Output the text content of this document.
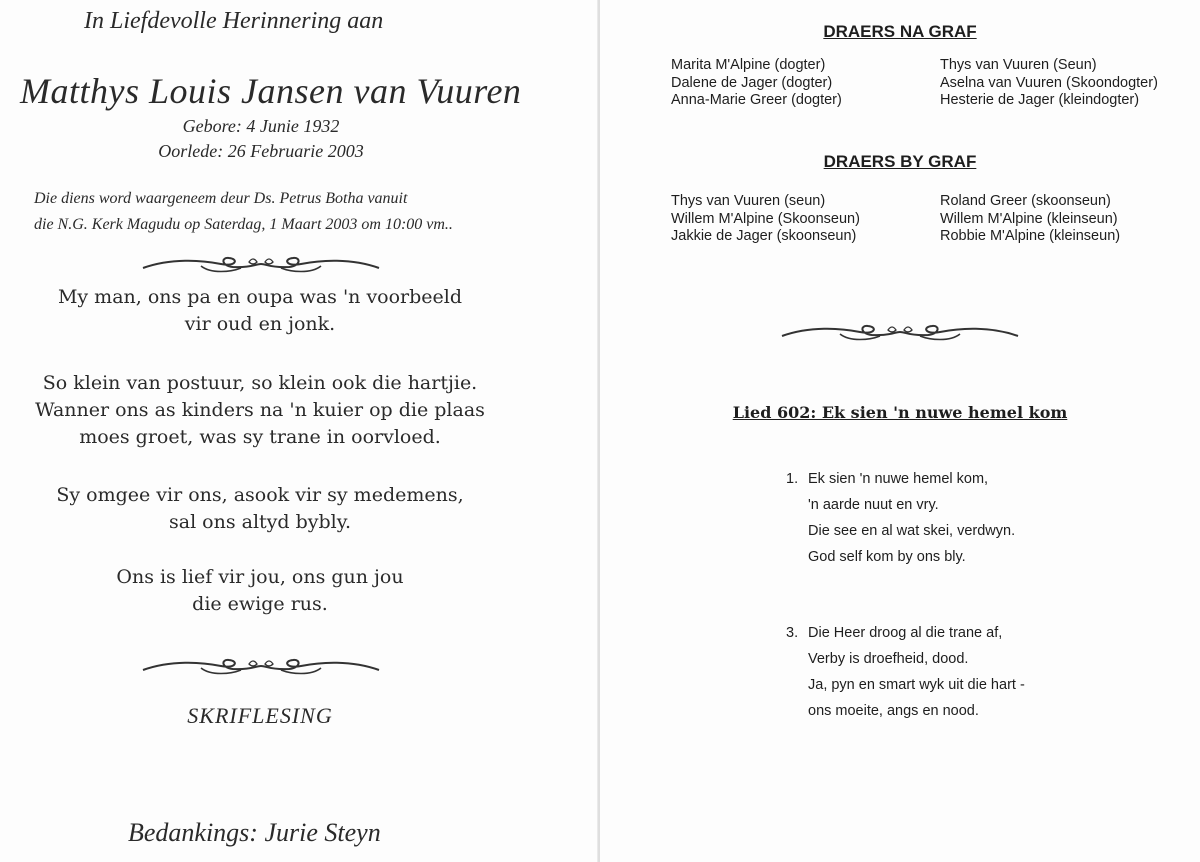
In Liefdevolle Herinnering aan
Matthys Louis Jansen van Vuuren
Gebore: 4 Junie 1932
Oorlede: 26 Februarie 2003
Die diens word waargeneem deur Ds. Petrus Botha vanuit
die N.G. Kerk Magudu op Saterdag, 1 Maart 2003 om 10:00 vm..
My man, ons pa en oupa was 'n voorbeeld
vir oud en jonk.
So klein van postuur, so klein ook die hartjie.
Wanner ons as kinders na 'n kuier op die plaas
moes groet, was sy trane in oorvloed.
Sy omgee vir ons, asook vir sy medemens,
sal ons altyd bybly.
Ons is lief vir jou, ons gun jou
die ewige rus.
SKRIFLESING
Bedankings: Jurie Steyn
DRAERS NA GRAF
Marita M'Alpine (dogter)
Dalene de Jager (dogter)
Anna-Marie Greer (dogter)
Thys van Vuuren (Seun)
Aselna van Vuuren (Skoondogter)
Hesterie de Jager (kleindogter)
DRAERS BY GRAF
Thys van Vuuren (seun)
Willem M'Alpine (Skoonseun)
Jakkie de Jager (skoonseun)
Roland Greer (skoonseun)
Willem M'Alpine (kleinseun)
Robbie M'Alpine (kleinseun)
Lied 602: Ek sien 'n nuwe hemel kom
1. Ek sien 'n nuwe hemel kom,
'n aarde nuut en vry.
Die see en al wat skei, verdwyn.
God self kom by ons bly.
3. Die Heer droog al die trane af,
Verby is droefheid, dood.
Ja, pyn en smart wyk uit die hart -
ons moeite, angs en nood.
